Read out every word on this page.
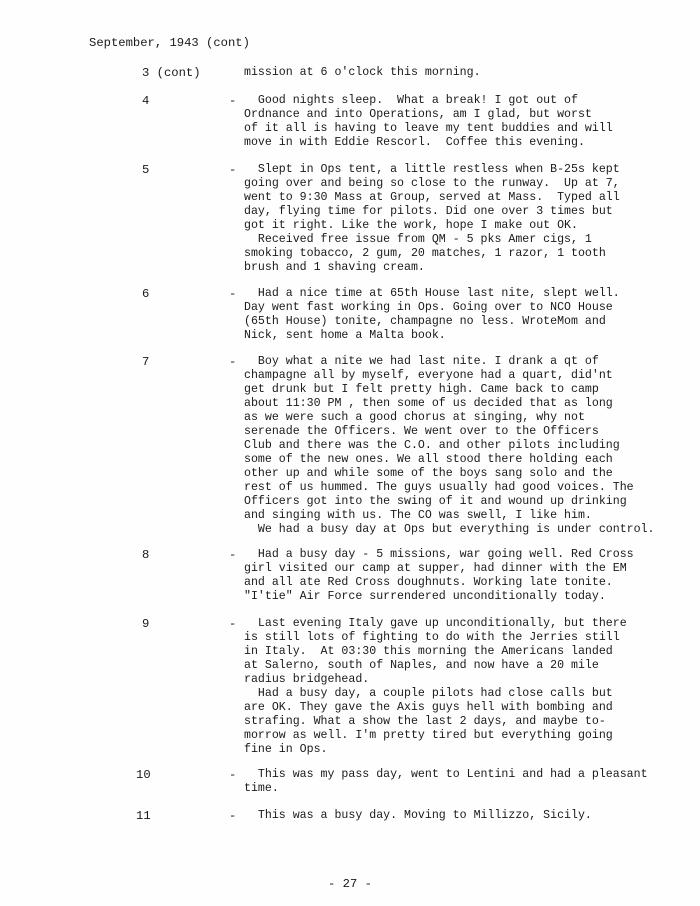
September, 1943 (cont)
3 (cont)	mission at 6 o'clock this morning.
4	- Good nights sleep.  What a break! I got out of
Ordnance and into Operations, am I glad, but worst
of it all is having to leave my tent buddies and will
move in with Eddie Rescorl.  Coffee this evening.
5	- Slept in Ops tent, a little restless when B-25s kept
going over and being so close to the runway.  Up at 7,
went to 9:30 Mass at Group, served at Mass.  Typed all
day, flying time for pilots. Did one over 3 times but
got it right. Like the work, hope I make out OK.
Received free issue from QM - 5 pks Amer cigs, 1
smoking tobacco, 2 gum, 20 matches, 1 razor, 1 tooth
brush and 1 shaving cream.
6	- Had a nice time at 65th House last nite, slept well.
Day went fast working in Ops. Going over to NCO House
(65th House) tonite, champagne no less. WroteMom and
Nick, sent home a Malta book.
7	- Boy what a nite we had last nite. I drank a qt of
champagne all by myself, everyone had a quart, did'nt
get drunk but I felt pretty high. Came back to camp
about 11:30 PM , then some of us decided that as long
as we were such a good chorus at singing, why not
serenade the Officers. We went over to the Officers
Club and there was the C.O. and other pilots including
some of the new ones. We all stood there holding each
other up and while some of the boys sang solo and the
rest of us hummed. The guys usually had good voices. The
Officers got into the swing of it and wound up drinking
and singing with us. The CO was swell, I like him.
We had a busy day at Ops but everything is under control.
8	- Had a busy day - 5 missions, war going well. Red Cross
girl visited our camp at supper, had dinner with the EM
and all ate Red Cross doughnuts. Working late tonite.
"I'tie" Air Force surrendered unconditionally today.
9	- Last evening Italy gave up unconditionally, but there
is still lots of fighting to do with the Jerries still
in Italy.  At 03:30 this morning the Americans landed
at Salerno, south of Naples, and now have a 20 mile
radius bridgehead.
Had a busy day, a couple pilots had close calls but
are OK. They gave the Axis guys hell with bombing and
strafing. What a show the last 2 days, and maybe to-
morrow as well. I'm pretty tired but everything going
fine in Ops.
10	- This was my pass day, went to Lentini and had a pleasant
time.
11	- This was a busy day. Moving to Millizzo, Sicily.
- 27 -
